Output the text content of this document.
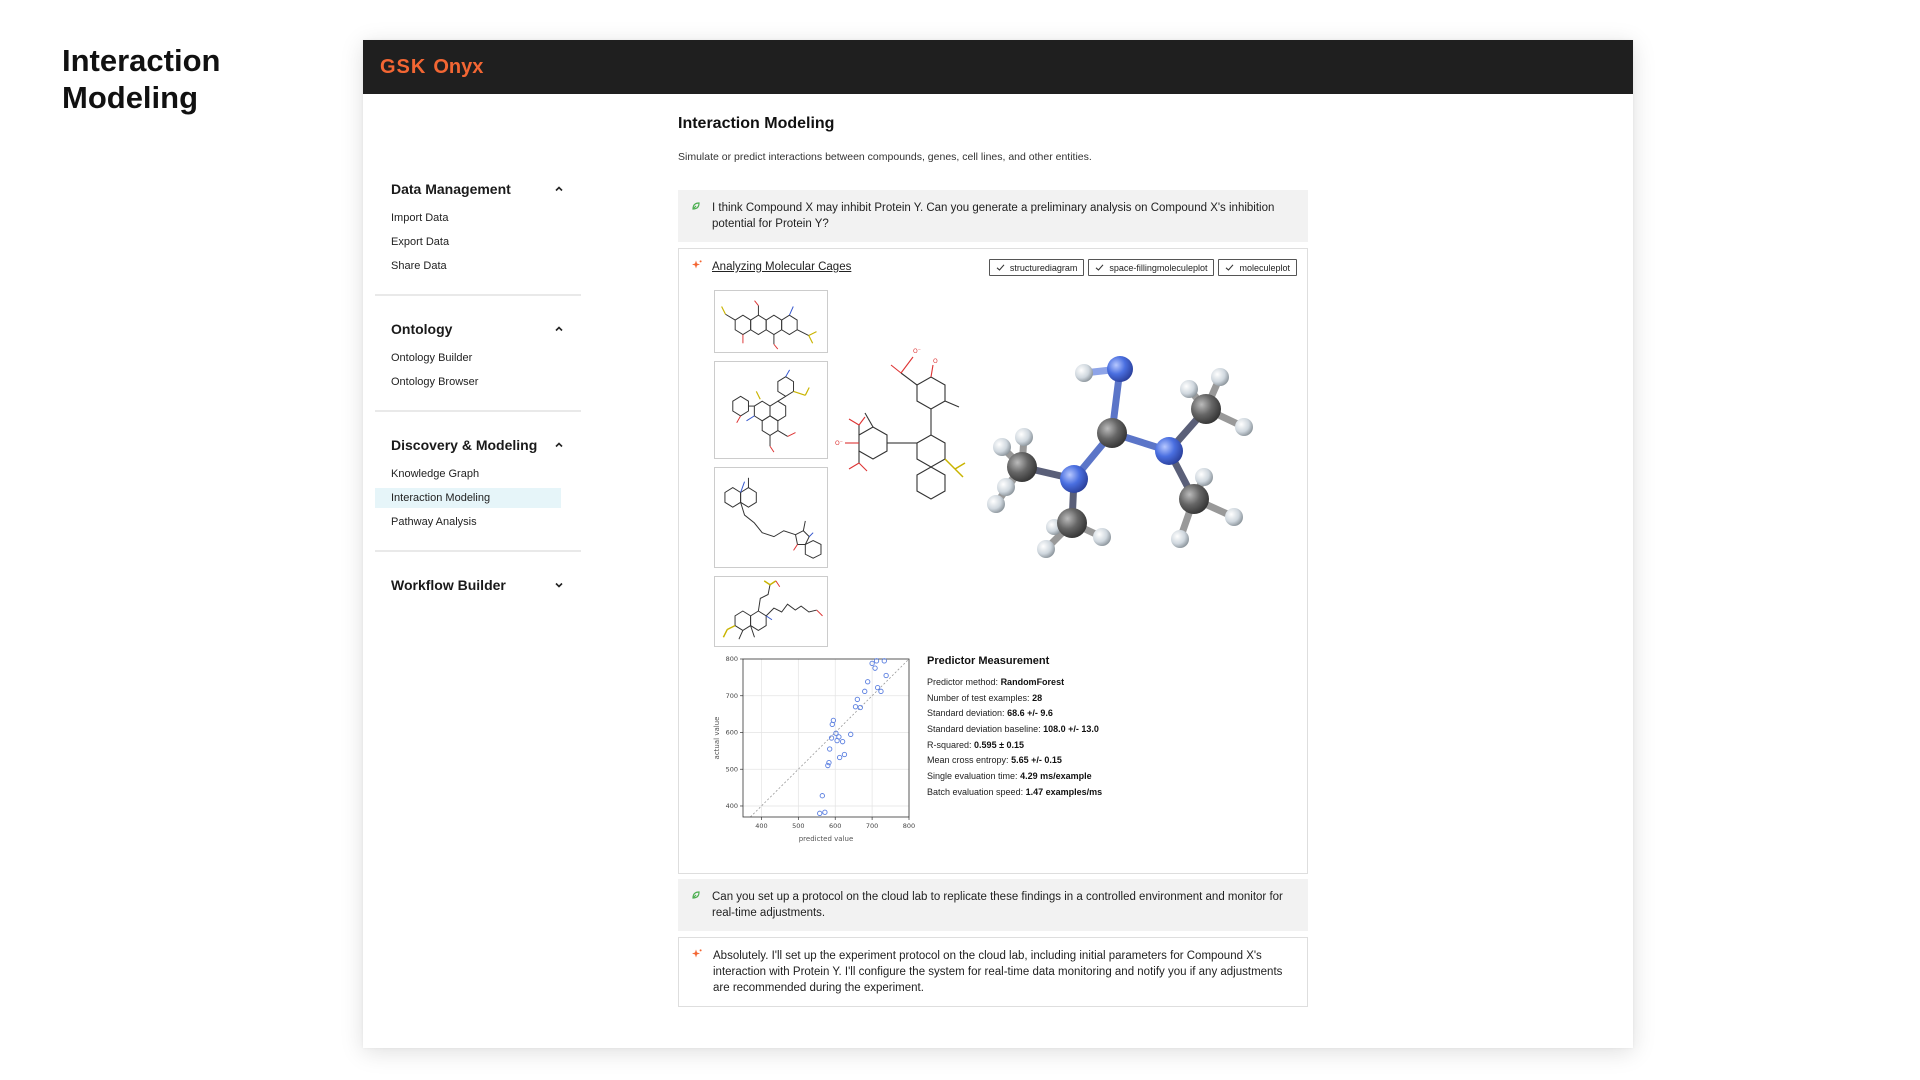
Interaction
Modeling
GSK Onyx
Data Management
Import Data
Export Data
Share Data
Ontology
Ontology Builder
Ontology Browser
Discovery & Modeling
Knowledge Graph
Interaction Modeling
Pathway Analysis
Workflow Builder
Interaction Modeling
Simulate or predict interactions between compounds, genes, cell lines, and other entities.
I think Compound X may inhibit Protein Y. Can you generate a preliminary analysis on Compound X's inhibition potential for Protein Y?
Analyzing Molecular Cages	structurediagram	space-fillingmoleculeplot	moleculeplot

O⁻
O⁻
O
400	500	600	700	800
400
500
600
700
800
predicted value
actual value
Predictor Measurement
Predictor method: RandomForest
Number of test examples: 28
Standard deviation: 68.6 +/- 9.6
Standard deviation baseline: 108.0 +/- 13.0
R-squared: 0.595 ± 0.15
Mean cross entropy: 5.65 +/- 0.15
Single evaluation time: 4.29 ms/example
Batch evaluation speed: 1.47 examples/ms
Can you set up a protocol on the cloud lab to replicate these findings in a controlled environment and monitor for real-time adjustments.
Absolutely. I'll set up the experiment protocol on the cloud lab, including initial parameters for Compound X's interaction with Protein Y. I'll configure the system for real-time data monitoring and notify you if any adjustments are recommended during the experiment.
